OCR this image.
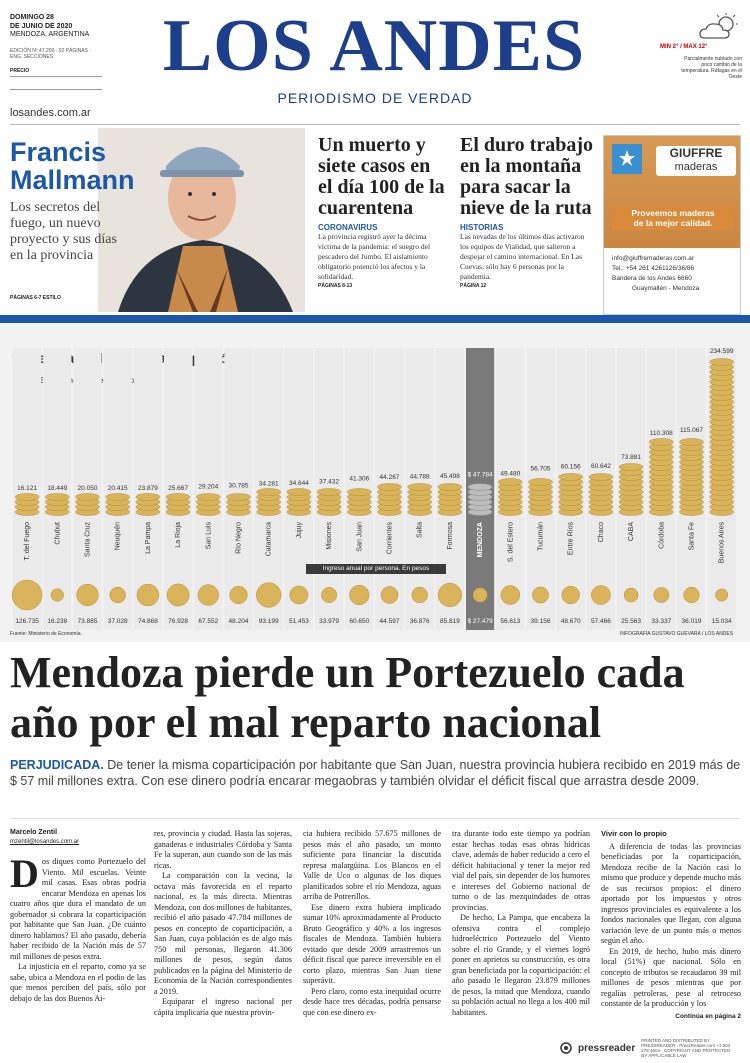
DOMINGO 28
DE JUNIO DE 2020
MENDOZA, ARGENTINA
EDICIÓN Nº 47.200 · 92 PÁGINAS · ENG. SECCIONES
PRECIO
losandes.com.ar
LOS ANDES
PERIODISMO DE VERDAD
MIN 2° / MAX 12°
Parcialmente nublado con poco cambio de la temperatura. Ráfagas en el Oeste
Francis
Mallmann
Los secretos del fuego, un nuevo proyecto y sus días en la provincia
PÁGINAS 6-7 ESTILO
Un muerto y siete casos en el día 100 de la cuarentena
CORONAVIRUS
La provincia registró ayer la décima víctima de la pandemia: el suegro del pescadero del Jumbo. El aislamiento obligatorio potenció los afectos y la solidaridad.
PÁGINAS 8-13
El duro trabajo en la montaña para sacar la nieve de la ruta
HISTORIAS
Las nevadas de los últimos días activaron los equipos de Vialidad, que salieron a despejar el camino internacional. En Las Cuevas, sólo hay 6 personas por la pandemia.
PÁGINA 12
GIUFFRE
maderas
Proveemos maderas
de la mejor calidad.
info@giuffremaderas.com.ar
Tel.: +54 261 4261126/36/86
Bandera de los Andes 6660
Guaymallén - Mendoza
16.121
T. del Fuego
126.735
18.449
Chubut
16.238
20.050
Santa Cruz
73.885
20.415
Neuquén
37.028
23.879
La Pampa
74.868
25.667
La Rioja
76.928
29.204
San Luis
67.552
30.785
Río Negro
48.204
34.281
Catamarca
93.199
34.644
Jujuy
51.453
37.432
Misiones
33.979
41.306
San Juan
60.650
44.267
Corrientes
44.597
44.788
Salta
36.876
45.498
Formosa
85.819
$ 47.784
MENDOZA
$ 27.479
49.480
S. del Estero
56.613
56.705
Tucumán
39.156
60.156
Entre Ríos
48.670
60.642
Chaco
57.466
73.881
CABA
25.563
110.308
Córdoba
33.337
115.067
Santa Fe
36.019
234.599
Buenos Aires
15.034
Ingreso anual por persona. En pesos
Fuente: Ministerio de Economía.	INFOGRAFÍA GUSTAVO GUEVARA / LOS ANDES
Mendoza pierde un Portezuelo cada año por el mal reparto nacional
PERJUDICADA. De tener la misma coparticipación por habitante que San Juan, nuestra provincia hubiera recibido en 2019 más de $ 57 mil millones extra. Con ese dinero podría encarar megaobras y también olvidar el déficit fiscal que arrastra desde 2009.
Marcelo Zentil
mzentil@losandes.com.ar
D os diques como Portezuelo del Viento. Mil escuelas. Veinte mil casas. Esas obras podría encarar Mendoza en apenas los cuatro años que dura el mandato de un gobernador si cobrara la coparticipación por habitante que San Juan. ¿De cuánto dinero hablamos? El año pasado, debería haber recibido de la Nación más de 57 mil millones de pesos extra.

La injusticia en el reparto, como ya se sabe, ubica a Mendoza en el podio de las que menos perciben del país, sólo por debajo de las dos Buenos Ai-

res, provincia y ciudad. Hasta las sojeras, ganaderas e industriales Córdoba y Santa Fe la superan, aun cuando son de las más ricas.

La comparación con la vecina, la octava más favorecida en el reparto nacional, es la más directa. Mientras Mendoza, con dos millones de habitantes, recibió el año pasado 47.784 millones de pesos en concepto de coparticipación, a San Juan, cuya población es de algo más 750 mil personas, llegaron 41.306 millones de pesos, según datos publicados en la página del Ministerio de Economía de la Nación correspondientes a 2019.

Equiparar el ingreso nacional per cápita implicaría que nuestra provin-

cia hubiera recibido 57.675 millones de pesos más el año pasado, un monto suficiente para financiar la discutida represa malargüina. Los Blancos en el Valle de Uco o algunas de los diques planificados sobre el río Mendoza, aguas arriba de Potrerillos.

Ese dinero extra hubiera implicado sumar 10% aproximadamente al Producto Bruto Geográfico y 40% a los ingresos fiscales de Mendoza. También hubiera evitado que desde 2009 arrastremos un déficit fiscal que parece irreversible en el corto plazo, mientras San Juan tiene superávit.

Pero claro, como esta inequidad ocurre desde hace tres décadas, podría pensarse que con ese dinero ex-

tra durante todo este tiempo ya podrían estar hechas todas esas obras hídricas clave, además de haber reducido a cero el déficit habitacional y tener la mejor red vial del país, sin depender de los humores e intereses del Gobierno nacional de turno o de las mezquindades de otras provincias.

De hecho, La Pampa, que encabeza la ofensiva contra el complejo hidroeléctrico Portezuelo del Viento sobre el río Grande, y el viernes logró poner en aprietos su construcción, es otra gran beneficiada por la coparticipación: el año pasado le llegaron 23.879 millones de pesos, la mitad que Mendoza, cuando su población actual no llega a los 400 mil habitantes.

Vivir con lo propio

A diferencia de todas las provincias beneficiadas por la coparticipación, Mendoza recibe de la Nación casi lo mismo que produce y depende mucho más de sus recursos propios: el dinero aportado por los impuestos y otros ingresos provinciales es equivalente a los fondos nacionales que llegan, con alguna variación leve de un punto más o menos según el año.

En 2019, de hecho, hubo más dinero local (51%) que nacional. Sólo en concepto de tributos se recaudaron 39 mil millones de pesos mientras que por regalías petroleras, pese al retroceso constante de la producción y los

Continúa en página 2
pressreader
PRINTED AND DISTRIBUTED BY PRESSREADER · PressReader.com +1 604 278 4604 · COPYRIGHT AND PROTECTED BY APPLICABLE LAW
